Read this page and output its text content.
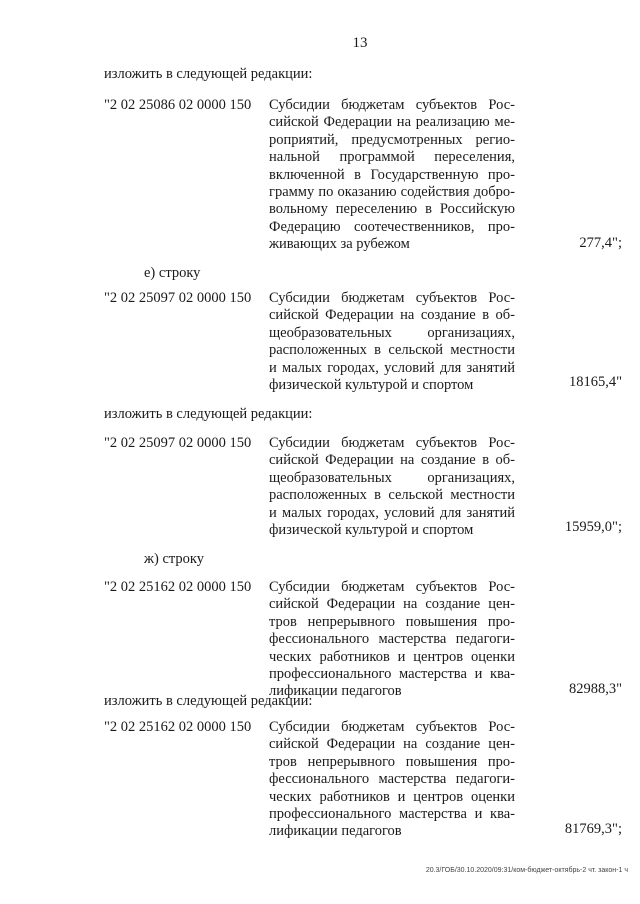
13
изложить в следующей редакции:
"2 02 25086 02 0000 150 Субсидии бюджетам субъектов Рос-
сийской Федерации на реализацию ме-
роприятий, предусмотренных регио-
нальной программой переселения,
включенной в Государственную про-
грамму по оказанию содействия добро-
вольному переселению в Российскую
Федерацию соотечественников, про-
живающих за рубежом	277,4";
е) строку
"2 02 25097 02 0000 150 Субсидии бюджетам субъектов Рос-
сийской Федерации на создание в об-
щеобразовательных организациях,
расположенных в сельской местности
и малых городах, условий для занятий
физической культурой и спортом	18165,4"
изложить в следующей редакции:
"2 02 25097 02 0000 150 Субсидии бюджетам субъектов Рос-
сийской Федерации на создание в об-
щеобразовательных организациях,
расположенных в сельской местности
и малых городах, условий для занятий
физической культурой и спортом	15959,0";
ж) строку
"2 02 25162 02 0000 150 Субсидии бюджетам субъектов Рос-
сийской Федерации на создание цен-
тров непрерывного повышения про-
фессионального мастерства педагоги-
ческих работников и центров оценки
профессионального мастерства и ква-
лификации педагогов	82988,3"
изложить в следующей редакции:
"2 02 25162 02 0000 150 Субсидии бюджетам субъектов Рос-
сийской Федерации на создание цен-
тров непрерывного повышения про-
фессионального мастерства педагоги-
ческих работников и центров оценки
профессионального мастерства и ква-
лификации педагогов	81769,3";
20.3/ГОБ/30.10.2020/09:31/ком-бюджет-октябрь-2 чт. закон-1 ч
